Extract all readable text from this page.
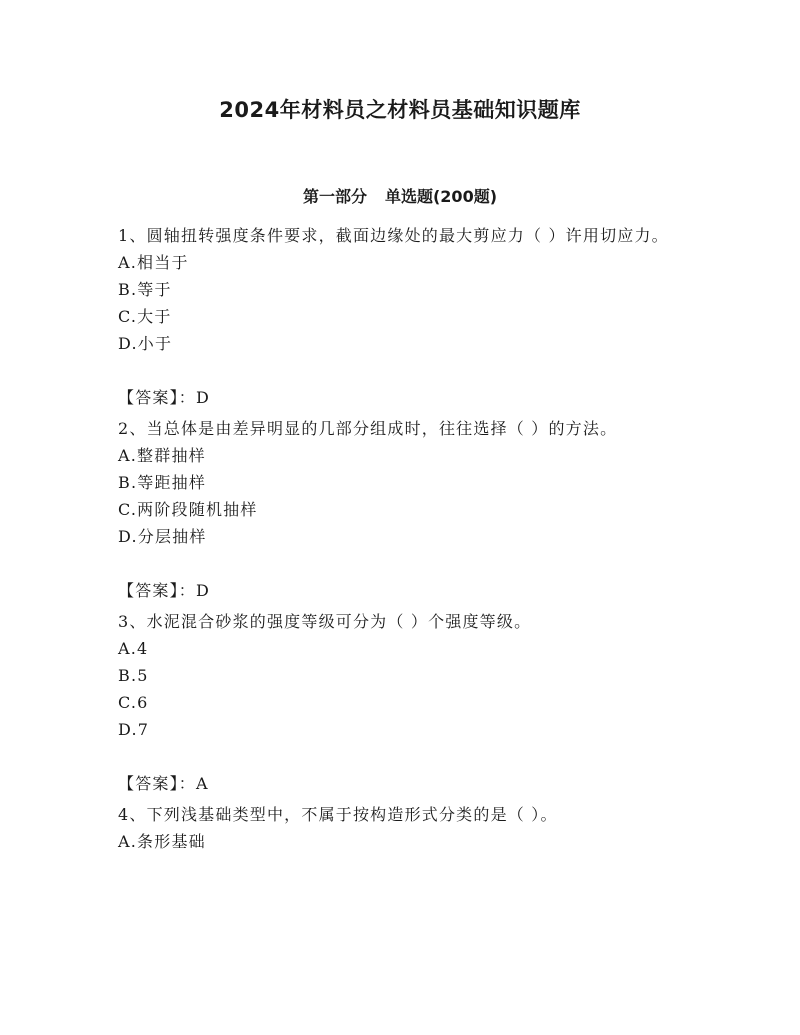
2024年材料员之材料员基础知识题库
第一部分 单选题(200题)

1、圆轴扭转强度条件要求，截面边缘处的最大剪应力（ ）许用切应力。

A.相当于
B.等于
C.大于
D.小于
【答案】：D

2、当总体是由差异明显的几部分组成时，往往选择（ ）的方法。

A.整群抽样
B.等距抽样
C.两阶段随机抽样
D.分层抽样
【答案】：D

3、水泥混合砂浆的强度等级可分为（ ）个强度等级。

A.4
B.5
C.6
D.7
【答案】：A

4、下列浅基础类型中，不属于按构造形式分类的是（ ）。

A.条形基础
